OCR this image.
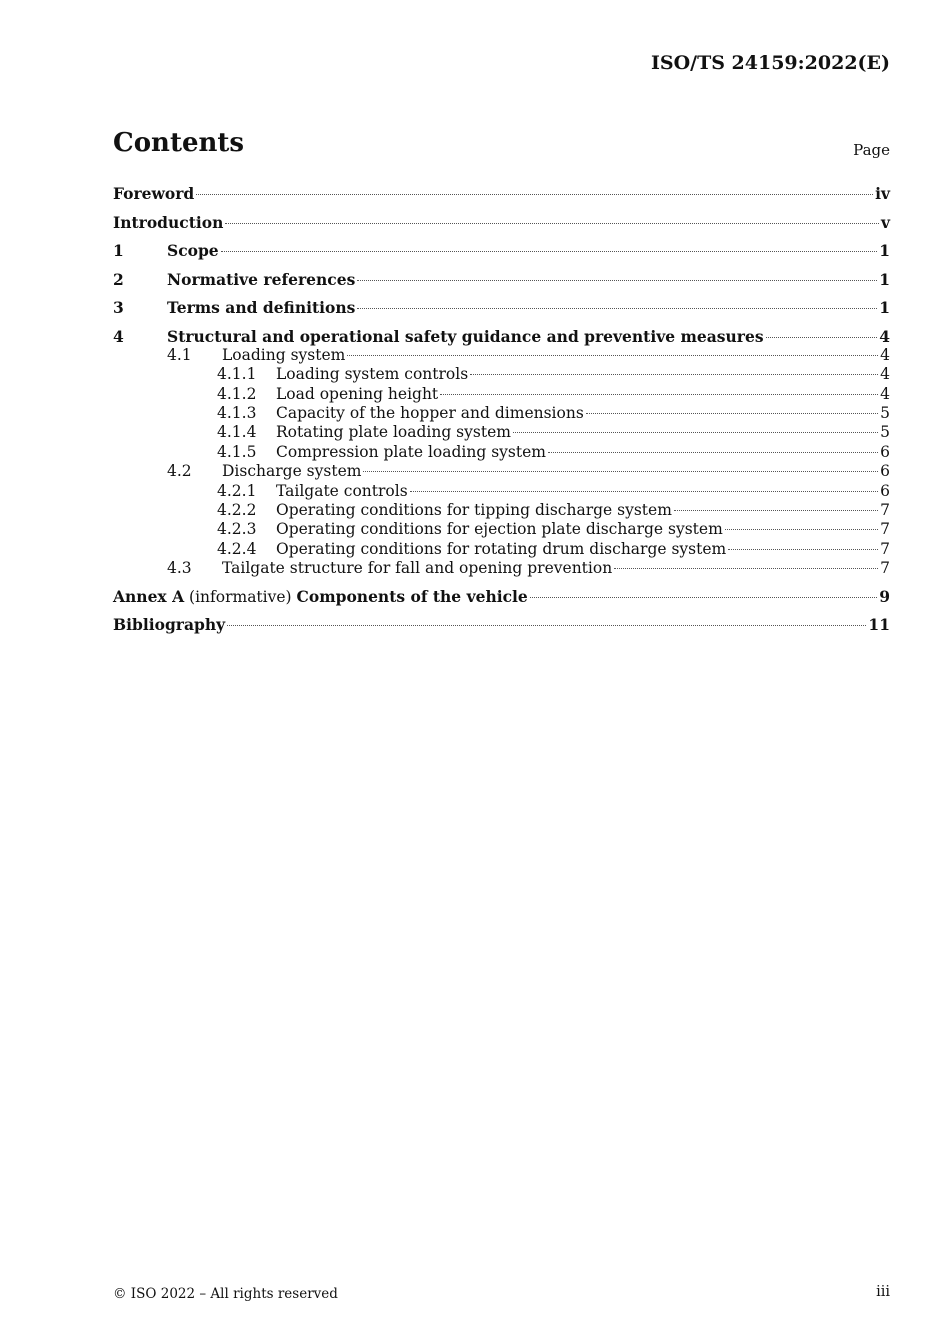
ISO/TS 24159:2022(E)
Contents	Page
Foreword	iv
Introduction	v
1	Scope	1
2	Normative references	1
3	Terms and definitions	1
4	Structural and operational safety guidance and preventive measures	4
4.1	Loading system	4
4.1.1	Loading system controls	4
4.1.2	Load opening height	4
4.1.3	Capacity of the hopper and dimensions	5
4.1.4	Rotating plate loading system	5
4.1.5	Compression plate loading system	6
4.2	Discharge system	6
4.2.1	Tailgate controls	6
4.2.2	Operating conditions for tipping discharge system	7
4.2.3	Operating conditions for ejection plate discharge system	7
4.2.4	Operating conditions for rotating drum discharge system	7
4.3	Tailgate structure for fall and opening prevention	7
Annex A (informative) Components of the vehicle	9
Bibliography	11
© ISO 2022 – All rights reserved	iii
